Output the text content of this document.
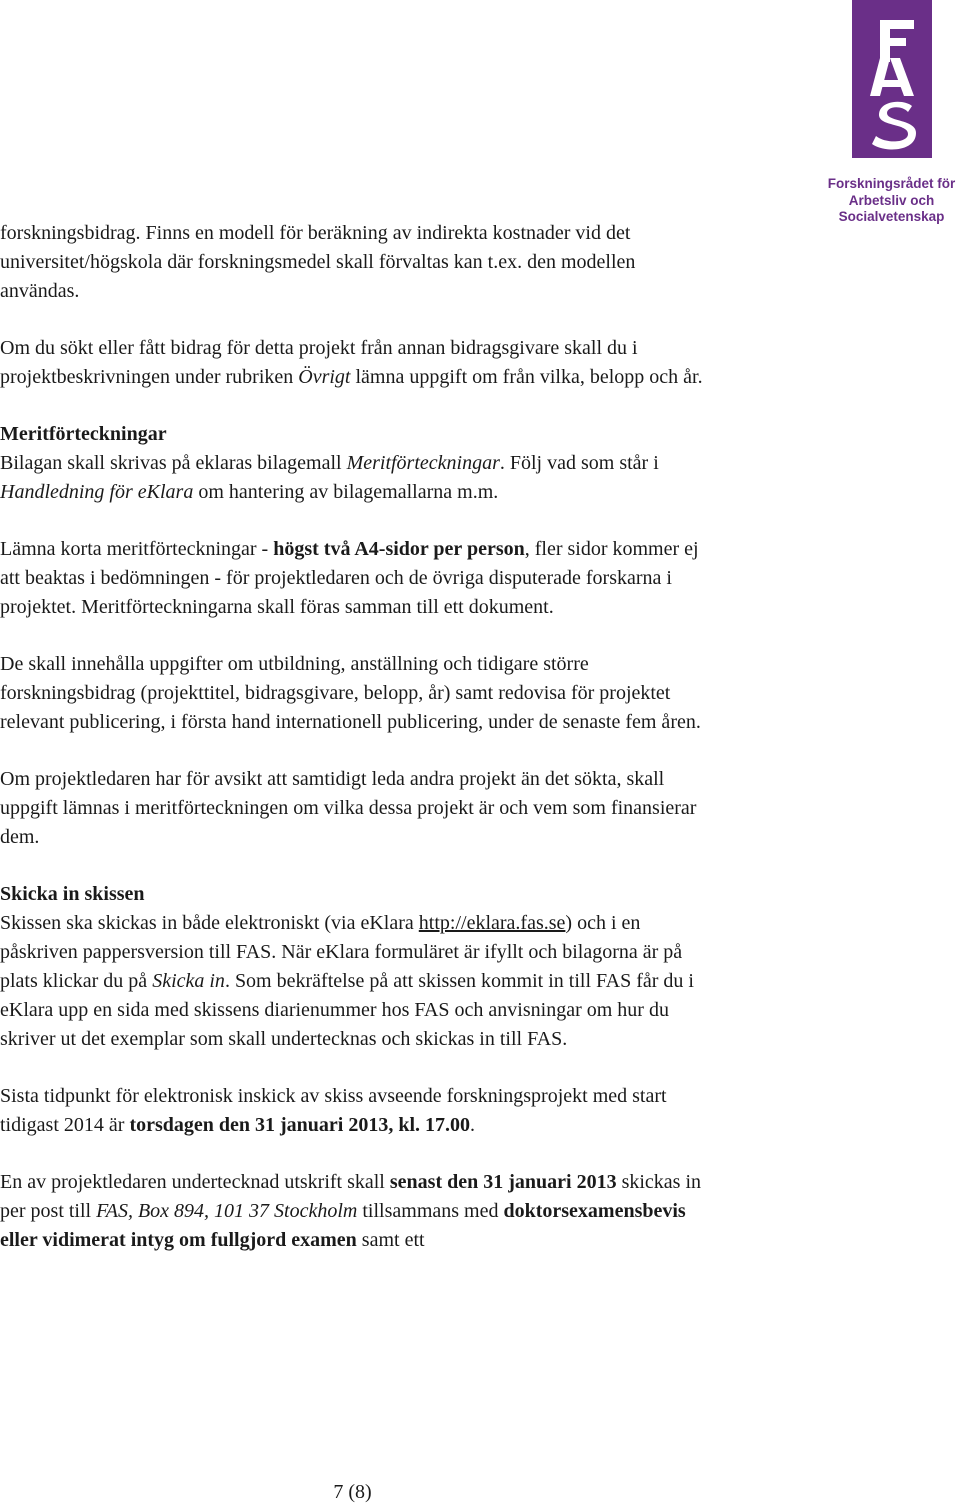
Forskningsrådet för
Arbetsliv och
Socialvetenskap

forskningsbidrag. Finns en modell för beräkning av indirekta kostnader vid det universitet/högskola där forskningsmedel skall förvaltas kan t.ex. den modellen användas.

Om du sökt eller fått bidrag för detta projekt från annan bidragsgivare skall du i projektbeskrivningen under rubriken Övrigt lämna uppgift om från vilka, belopp och år.

Meritförteckningar
Bilagan skall skrivas på eklaras bilagemall Meritförteckningar. Följ vad som står i Handledning för eKlara om hantering av bilagemallarna m.m.

Lämna korta meritförteckningar - högst två A4-sidor per person, fler sidor kommer ej att beaktas i bedömningen - för projektledaren och de övriga disputerade forskarna i projektet. Meritförteckningarna skall föras samman till ett dokument.

De skall innehålla uppgifter om utbildning, anställning och tidigare större forskningsbidrag (projekttitel, bidragsgivare, belopp, år) samt redovisa för projektet relevant publicering, i första hand internationell publicering, under de senaste fem åren.

Om projektledaren har för avsikt att samtidigt leda andra projekt än det sökta, skall uppgift lämnas i meritförteckningen om vilka dessa projekt är och vem som finansierar dem.

Skicka in skissen
Skissen ska skickas in både elektroniskt (via eKlara http://eklara.fas.se) och i en påskriven pappersversion till FAS. När eKlara formuläret är ifyllt och bilagorna är på plats klickar du på Skicka in. Som bekräftelse på att skissen kommit in till FAS får du i eKlara upp en sida med skissens diarienummer hos FAS och anvisningar om hur du skriver ut det exemplar som skall undertecknas och skickas in till FAS.

Sista tidpunkt för elektronisk inskick av skiss avseende forskningsprojekt med start tidigast 2014 är torsdagen den 31 januari 2013, kl. 17.00.

En av projektledaren undertecknad utskrift skall senast den 31 januari 2013 skickas in per post till FAS, Box 894, 101 37 Stockholm tillsammans med doktorsexamensbevis eller vidimerat intyg om fullgjord examen samt ett

7 (8)
